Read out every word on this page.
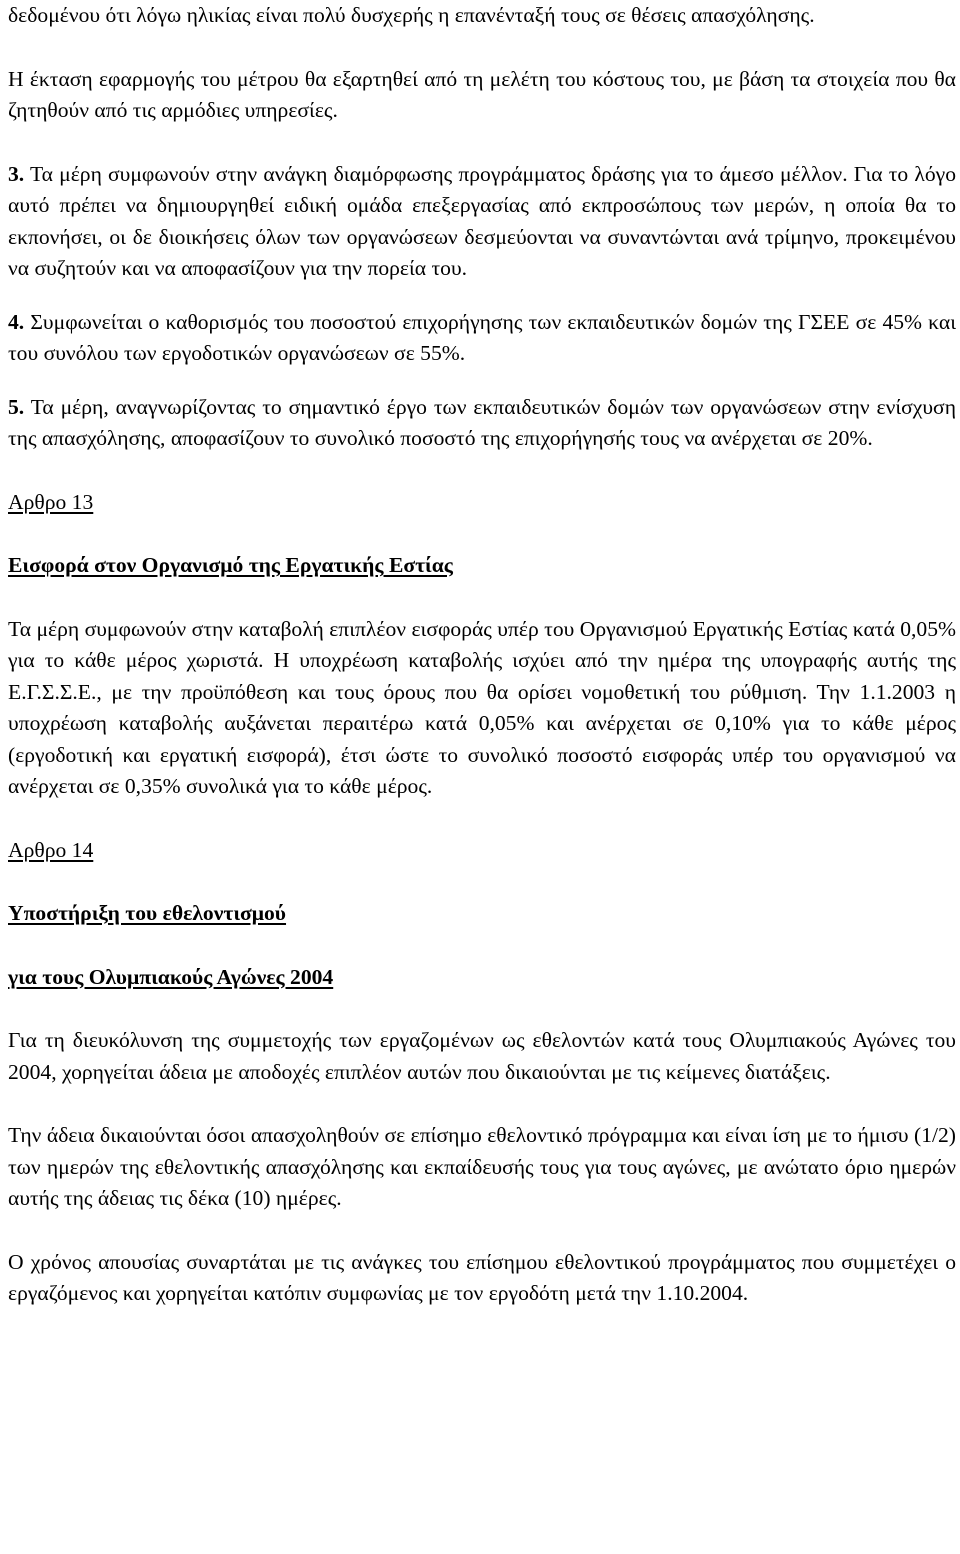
δεδομένου ότι λόγω ηλικίας είναι πολύ δυσχερής η επανένταξή τους σε θέσεις απασχόλησης.

Η έκταση εφαρμογής του μέτρου θα εξαρτηθεί από τη μελέτη του κόστους του, με βάση τα στοιχεία που θα ζητηθούν από τις αρμόδιες υπηρεσίες.

3. Τα μέρη συμφωνούν στην ανάγκη διαμόρφωσης προγράμματος δράσης για το άμεσο μέλλον. Για το λόγο αυτό πρέπει να δημιουργηθεί ειδική ομάδα επεξεργασίας από εκπροσώπους των μερών, η οποία θα το εκπονήσει, οι δε διοικήσεις όλων των οργανώσεων δεσμεύονται να συναντώνται ανά τρίμηνο, προκειμένου να συζητούν και να αποφασίζουν για την πορεία του.

4. Συμφωνείται ο καθορισμός του ποσοστού επιχορήγησης των εκπαιδευτικών δομών της ΓΣΕΕ σε 45% και του συνόλου των εργοδοτικών οργανώσεων σε 55%.

5. Τα μέρη, αναγνωρίζοντας το σημαντικό έργο των εκπαιδευτικών δομών των οργανώσεων στην ενίσχυση της απασχόλησης, αποφασίζουν το συνολικό ποσοστό της επιχορήγησής τους να ανέρχεται σε 20%.

Αρθρο 13

Εισφορά στον Οργανισμό της Εργατικής Εστίας

Τα μέρη συμφωνούν στην καταβολή επιπλέον εισφοράς υπέρ του Οργανισμού Εργατικής Εστίας κατά 0,05% για το κάθε μέρος χωριστά. Η υποχρέωση καταβολής ισχύει από την ημέρα της υπογραφής αυτής της Ε.Γ.Σ.Σ.Ε., με την προϋπόθεση και τους όρους που θα ορίσει νομοθετική του ρύθμιση. Την 1.1.2003 η υποχρέωση καταβολής αυξάνεται περαιτέρω κατά 0,05% και ανέρχεται σε 0,10% για το κάθε μέρος (εργοδοτική και εργατική εισφορά), έτσι ώστε το συνολικό ποσοστό εισφοράς υπέρ του οργανισμού να ανέρχεται σε 0,35% συνολικά για το κάθε μέρος.

Αρθρο 14

Υποστήριξη του εθελοντισμού

για τους Ολυμπιακούς Αγώνες 2004

Για τη διευκόλυνση της συμμετοχής των εργαζομένων ως εθελοντών κατά τους Ολυμπιακούς Αγώνες του 2004, χορηγείται άδεια με αποδοχές επιπλέον αυτών που δικαιούνται με τις κείμενες διατάξεις.

Την άδεια δικαιούνται όσοι απασχοληθούν σε επίσημο εθελοντικό πρόγραμμα και είναι ίση με το ήμισυ (1/2) των ημερών της εθελοντικής απασχόλησης και εκπαίδευσής τους για τους αγώνες, με ανώτατο όριο ημερών αυτής της άδειας τις δέκα (10) ημέρες.

Ο χρόνος απουσίας συναρτάται με τις ανάγκες του επίσημου εθελοντικού προγράμματος που συμμετέχει ο εργαζόμενος και χορηγείται κατόπιν συμφωνίας με τον εργοδότη μετά την 1.10.2004.
